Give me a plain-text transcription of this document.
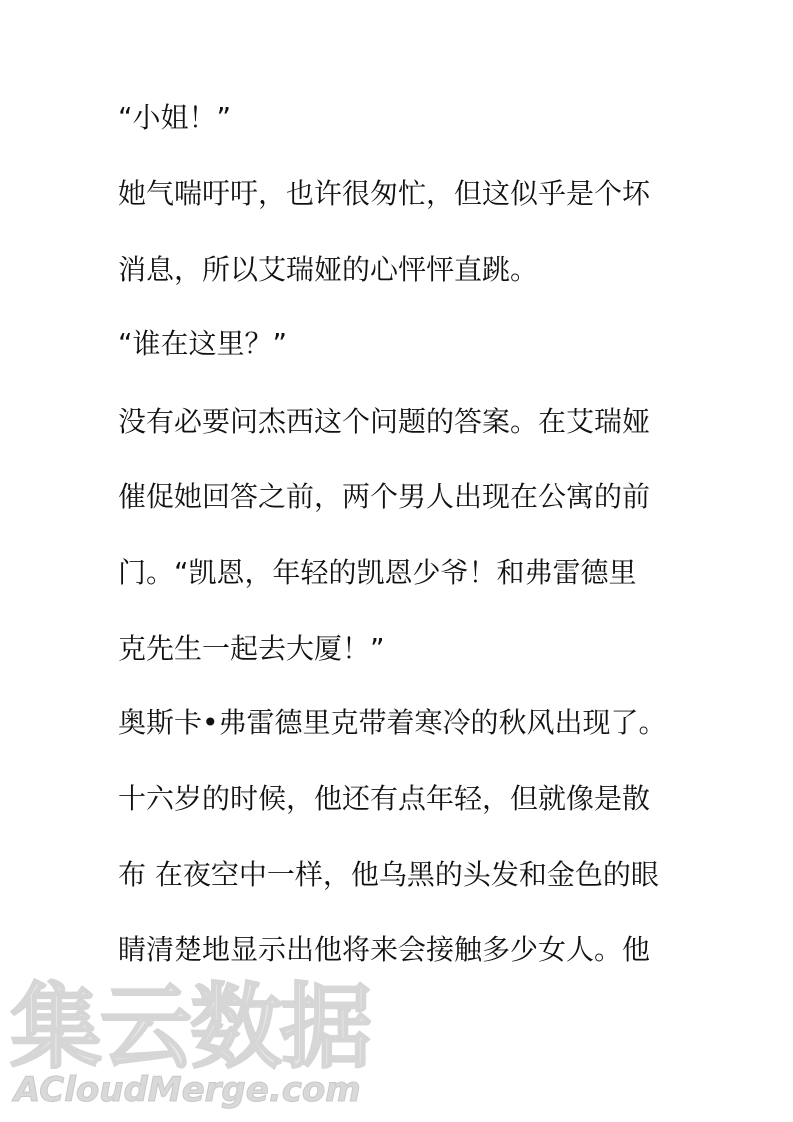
“小姐！”
她气喘吁吁，也许很匆忙，但这似乎是个坏
消息，所以艾瑞娅的心怦怦直跳。
“谁在这里？”
没有必要问杰西这个问题的答案。在艾瑞娅
催促她回答之前，两个男人出现在公寓的前
门。“凯恩，年轻的凯恩少爷！和弗雷德里
克先生一起去大厦！”
奥斯卡•弗雷德里克带着寒冷的秋风出现了。
十六岁的时候，他还有点年轻，但就像是散
布 在夜空中一样，他乌黑的头发和金色的眼
睛清楚地显示出他将来会接触多少女人。他
集云数据
ACloudMerge.com
